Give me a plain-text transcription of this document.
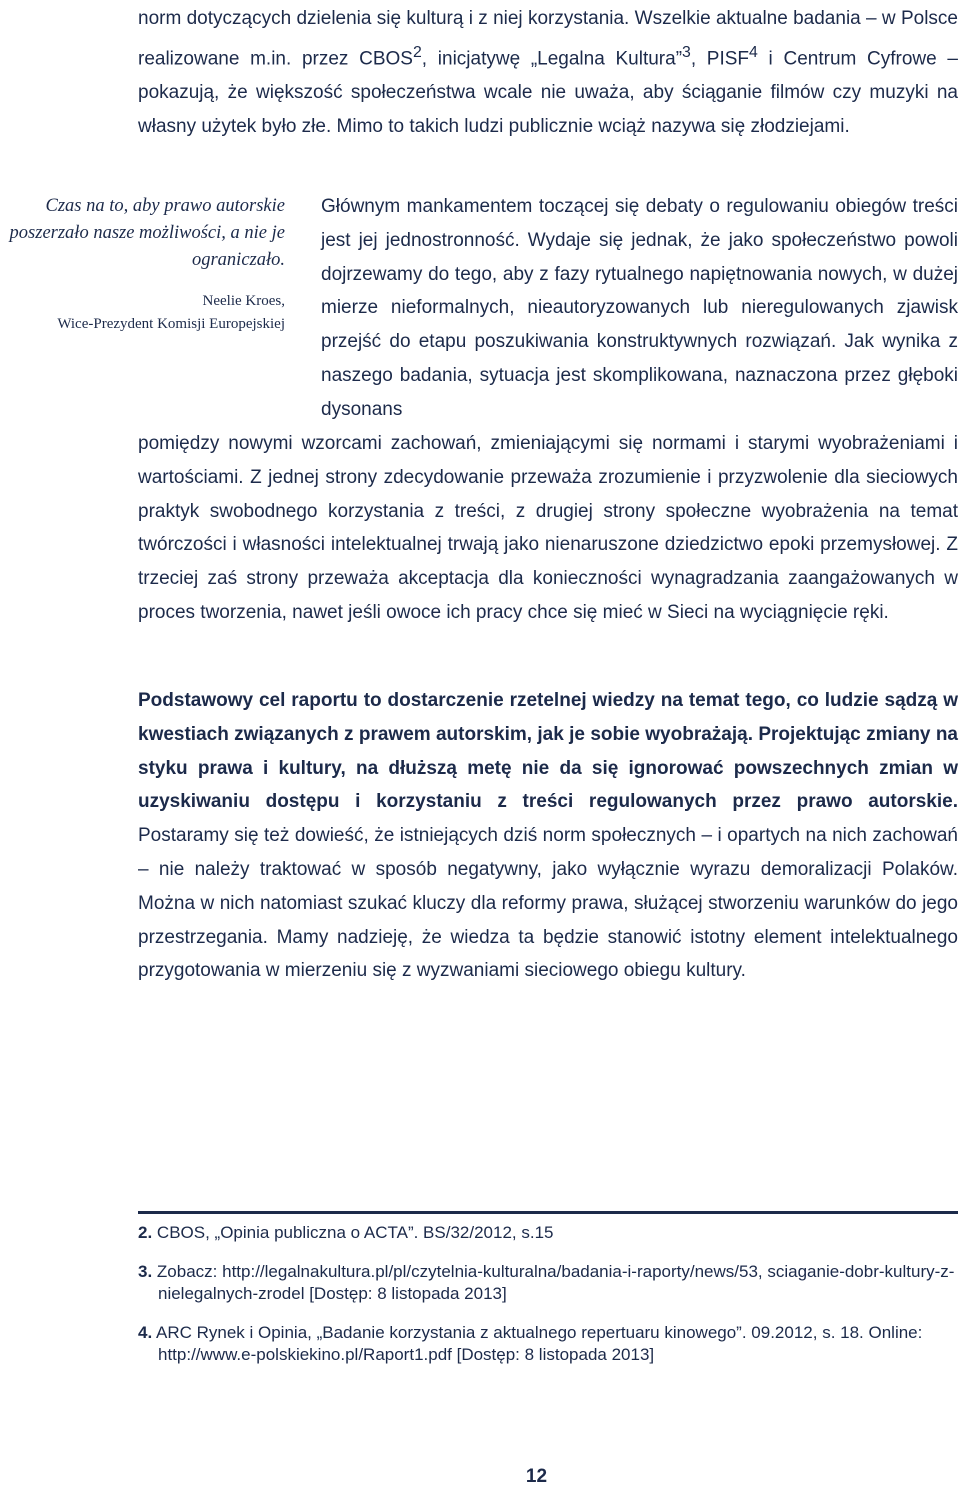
norm dotyczących dzielenia się kulturą i z niej korzystania. Wszelkie aktualne badania – w Polsce realizowane m.in. przez CBOS$^2$, inicjatywę „Legalna Kultura”$^3$, PISF$^4$ i Centrum Cyfrowe – pokazują, że większość społeczeństwa wcale nie uważa, aby ściąganie filmów czy muzyki na własny użytek było złe. Mimo to takich ludzi publicznie wciąż nazywa się złodziejami.

Czas na to, aby prawo autorskie poszerzało nasze możliwości, a nie je ograniczało.

Neelie Kroes,
Wice-Prezydent Komisji Europejskiej

Głównym mankamentem toczącej się debaty o regulowaniu obiegów treści jest jej jednostronność. Wydaje się jednak, że jako społeczeństwo powoli dojrzewamy do tego, aby z fazy rytualnego napiętnowania nowych, w dużej mierze nieformalnych, nieautoryzowanych lub nieregulowanych zjawisk przejść do etapu poszukiwania konstruktywnych rozwiązań. Jak wynika z naszego badania, sytuacja jest skomplikowana, naznaczona przez głęboki dysonans

pomiędzy nowymi wzorcami zachowań, zmieniającymi się normami i starymi wyobrażeniami i wartościami. Z jednej strony zdecydowanie przeważa zrozumienie i przyzwolenie dla sieciowych praktyk swobodnego korzystania z treści, z drugiej strony społeczne wyobrażenia na temat twórczości i własności intelektualnej trwają jako nienaruszone dziedzictwo epoki przemysłowej. Z trzeciej zaś strony przeważa akceptacja dla konieczności wynagradzania zaangażowanych w proces tworzenia, nawet jeśli owoce ich pracy chce się mieć w Sieci na wyciągnięcie ręki.

Podstawowy cel raportu to dostarczenie rzetelnej wiedzy na temat tego, co ludzie sądzą w kwestiach związanych z prawem autorskim, jak je sobie wyobrażają. Projektując zmiany na styku prawa i kultury, na dłuższą metę nie da się ignorować powszechnych zmian w uzyskiwaniu dostępu i korzystaniu z treści regulowanych przez prawo autorskie. Postaramy się też dowieść, że istniejących dziś norm społecznych – i opartych na nich zachowań – nie należy traktować w sposób negatywny, jako wyłącznie wyrazu demoralizacji Polaków. Można w nich natomiast szukać kluczy dla reformy prawa, służącej stworzeniu warunków do jego przestrzegania. Mamy nadzieję, że wiedza ta będzie stanowić istotny element intelektualnego przygotowania w mierzeniu się z wyzwaniami sieciowego obiegu kultury.

2. CBOS, „Opinia publiczna o ACTA”. BS/32/2012, s.15

3. Zobacz: http://legalnakultura.pl/pl/czytelnia-kulturalna/badania-i-raporty/news/53, sciaganie-dobr-kultury-z-nielegalnych-zrodel [Dostęp: 8 listopada 2013]

4. ARC Rynek i Opinia, „Badanie korzystania z aktualnego repertuaru kinowego”. 09.2012, s. 18. Online: http://www.e-polskiekino.pl/Raport1.pdf [Dostęp: 8 listopada 2013]

12
